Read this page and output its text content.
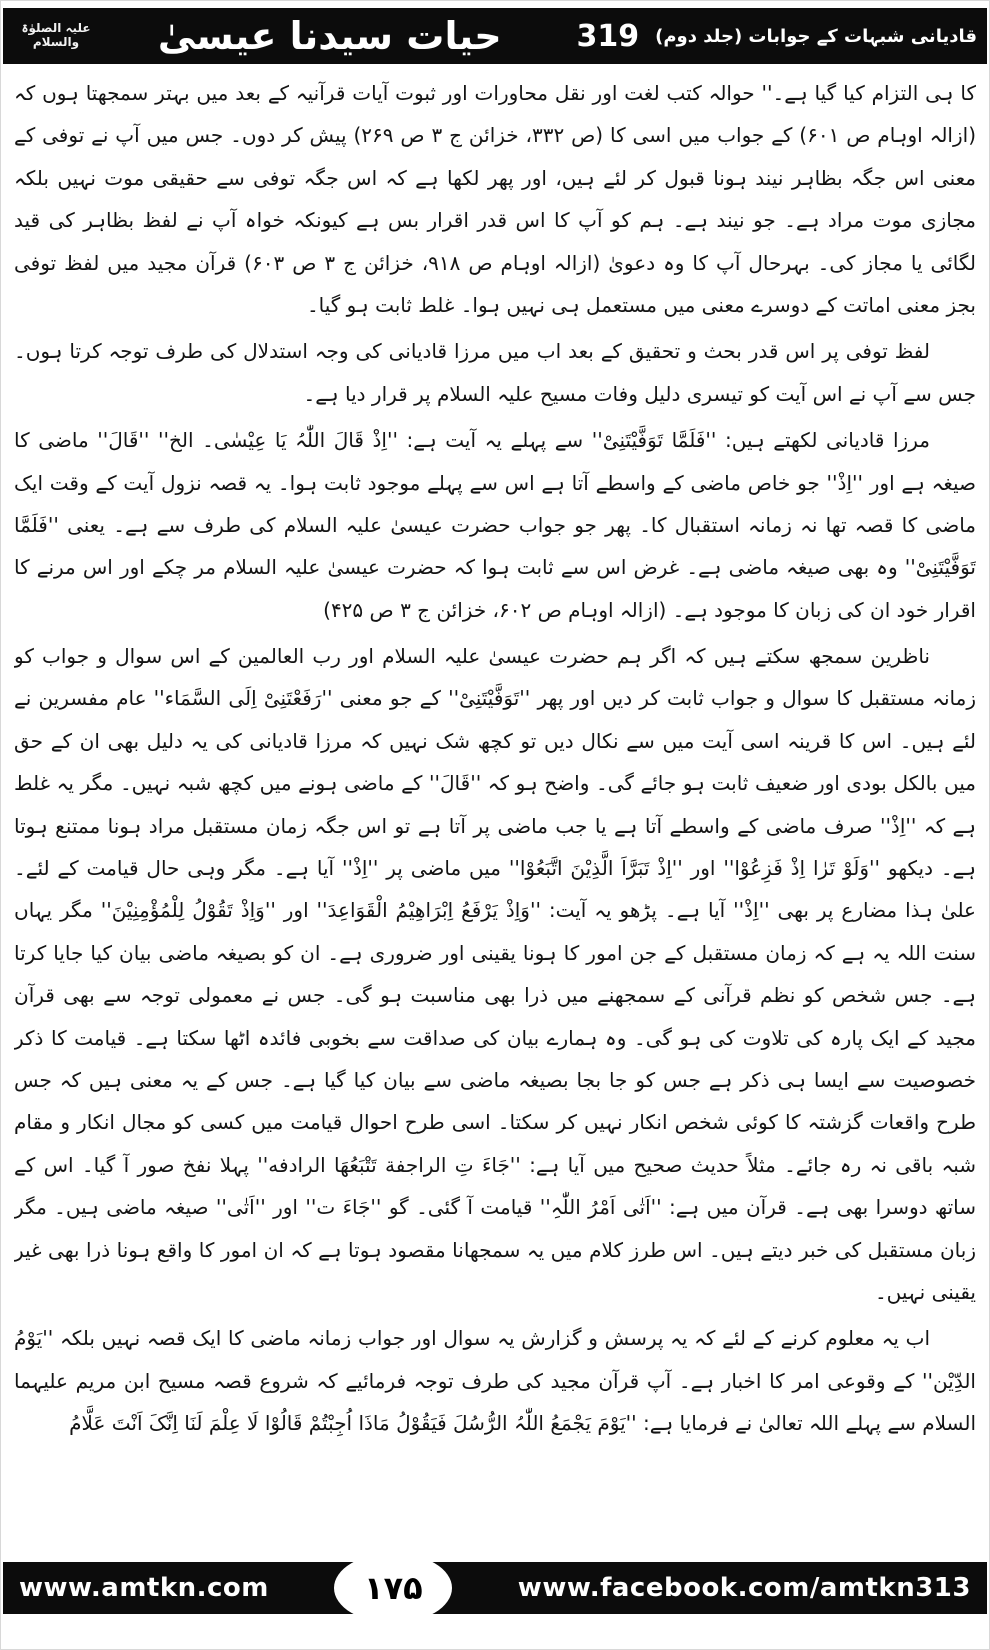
قادیانی شبہات کے جوابات (جلد دوم)
319
حیات سیدنا عیسیٰ
علیہ الصلوٰۃ والسلام

کا ہی التزام کیا گیا ہے۔'' حوالہ کتب لغت اور نقل محاورات اور ثبوت آیات قرآنیہ کے بعد میں بہتر سمجھتا ہوں کہ (ازالہ اوہام ص ۶۰۱) کے جواب میں اسی کا (ص ۳۳۲، خزائن ج ۳ ص ۲۶۹) پیش کر دوں۔ جس میں آپ نے توفی کے معنی اس جگہ بظاہر نیند ہونا قبول کر لئے ہیں، اور پھر لکھا ہے کہ اس جگہ توفی سے حقیقی موت نہیں بلکہ مجازی موت مراد ہے۔ جو نیند ہے۔ ہم کو آپ کا اس قدر اقرار بس ہے کیونکہ خواہ آپ نے لفظ بظاہر کی قید لگائی یا مجاز کی۔ بہرحال آپ کا وہ دعویٰ (ازالہ اوہام ص ۹۱۸، خزائن ج ۳ ص ۶۰۳) قرآن مجید میں لفظ توفی بجز معنی اماتت کے دوسرے معنی میں مستعمل ہی نہیں ہوا۔ غلط ثابت ہو گیا۔

لفظ توفی پر اس قدر بحث و تحقیق کے بعد اب میں مرزا قادیانی کی وجہ استدلال کی طرف توجہ کرتا ہوں۔ جس سے آپ نے اس آیت کو تیسری دلیل وفات مسیح علیہ السلام پر قرار دیا ہے۔

مرزا قادیانی لکھتے ہیں: ''فَلَمَّا تَوَفَّیْتَنِیْ'' سے پہلے یہ آیت ہے: ''اِذْ قَالَ اللّٰہُ یَا عِیْسٰی۔ الخ'' ''قَالَ'' ماضی کا صیغہ ہے اور ''اِذْ'' جو خاص ماضی کے واسطے آتا ہے اس سے پہلے موجود ثابت ہوا۔ یہ قصہ نزول آیت کے وقت ایک ماضی کا قصہ تھا نہ زمانہ استقبال کا۔ پھر جو جواب حضرت عیسیٰ علیہ السلام کی طرف سے ہے۔ یعنی ''فَلَمَّا تَوَفَّیْتَنِیْ'' وہ بھی صیغہ ماضی ہے۔ غرض اس سے ثابت ہوا کہ حضرت عیسیٰ علیہ السلام مر چکے اور اس مرنے کا اقرار خود ان کی زبان کا موجود ہے۔ (ازالہ اوہام ص ۶۰۲، خزائن ج ۳ ص ۴۲۵)

ناظرین سمجھ سکتے ہیں کہ اگر ہم حضرت عیسیٰ علیہ السلام اور رب العالمین کے اس سوال و جواب کو زمانہ مستقبل کا سوال و جواب ثابت کر دیں اور پھر ''تَوَفَّیْتَنِیْ'' کے جو معنی ''رَفَعْتَنِیْ اِلَی السَّمَاء'' عام مفسرین نے لئے ہیں۔ اس کا قرینہ اسی آیت میں سے نکال دیں تو کچھ شک نہیں کہ مرزا قادیانی کی یہ دلیل بھی ان کے حق میں بالکل بودی اور ضعیف ثابت ہو جائے گی۔ واضح ہو کہ ''قَالَ'' کے ماضی ہونے میں کچھ شبہ نہیں۔ مگر یہ غلط ہے کہ ''اِذْ'' صرف ماضی کے واسطے آتا ہے یا جب ماضی پر آتا ہے تو اس جگہ زمان مستقبل مراد ہونا ممتنع ہوتا ہے۔ دیکھو ''وَلَوْ تَرٰا اِذْ فَزِعُوْا'' اور ''اِذْ تَبَرَّاَ الَّذِیْنَ اتَّبَعُوْا'' میں ماضی پر ''اِذْ'' آیا ہے۔ مگر وہی حال قیامت کے لئے۔ علیٰ ہذا مضارع پر بھی ''اِذْ'' آیا ہے۔ پڑھو یہ آیت: ''وَاِذْ یَرْفَعُ اِبْرَاهِیْمُ الْقَوَاعِدَ'' اور ''وَاِذْ تَقُوْلُ لِلْمُؤْمِنِیْنَ'' مگر یہاں سنت اللہ یہ ہے کہ زمان مستقبل کے جن امور کا ہونا یقینی اور ضروری ہے۔ ان کو بصیغہ ماضی بیان کیا جایا کرتا ہے۔ جس شخص کو نظم قرآنی کے سمجھنے میں ذرا بھی مناسبت ہو گی۔ جس نے معمولی توجہ سے بھی قرآن مجید کے ایک پارہ کی تلاوت کی ہو گی۔ وہ ہمارے بیان کی صداقت سے بخوبی فائدہ اٹھا سکتا ہے۔ قیامت کا ذکر خصوصیت سے ایسا ہی ذکر ہے جس کو جا بجا بصیغہ ماضی سے بیان کیا گیا ہے۔ جس کے یہ معنی ہیں کہ جس طرح واقعات گزشتہ کا کوئی شخص انکار نہیں کر سکتا۔ اسی طرح احوال قیامت میں کسی کو مجال انکار و مقام شبہ باقی نہ رہ جائے۔ مثلاً حدیث صحیح میں آیا ہے: ''جَاءَ تِ الراجفة تَتْبَعُهَا الرادفه'' پہلا نفخ صور آ گیا۔ اس کے ساتھ دوسرا بھی ہے۔ قرآن میں ہے: ''اَتٰی اَمْرُ اللّٰہِ'' قیامت آ گئی۔ گو ''جَاءَ ت'' اور ''اَتٰی'' صیغہ ماضی ہیں۔ مگر زبان مستقبل کی خبر دیتے ہیں۔ اس طرز کلام میں یہ سمجھانا مقصود ہوتا ہے کہ ان امور کا واقع ہونا ذرا بھی غیر یقینی نہیں۔

اب یہ معلوم کرنے کے لئے کہ یہ پرسش و گزارش یہ سوال اور جواب زمانہ ماضی کا ایک قصہ نہیں بلکہ ''یَوْمُ الدِّیْن'' کے وقوعی امر کا اخبار ہے۔ آپ قرآن مجید کی طرف توجہ فرمائیے کہ شروع قصہ مسیح ابن مریم علیہما السلام سے پہلے اللہ تعالیٰ نے فرمایا ہے: ''یَوْمَ یَجْمَعُ اللّٰہُ الرُّسُلَ فَیَقُوْلُ مَاذَا اُجِبْتُمْ قَالُوْا لَا عِلْمَ لَنَا اِنَّکَ اَنْتَ عَلَّامُ

www.amtkn.com	۱۷۵	www.facebook.com/amtkn313
